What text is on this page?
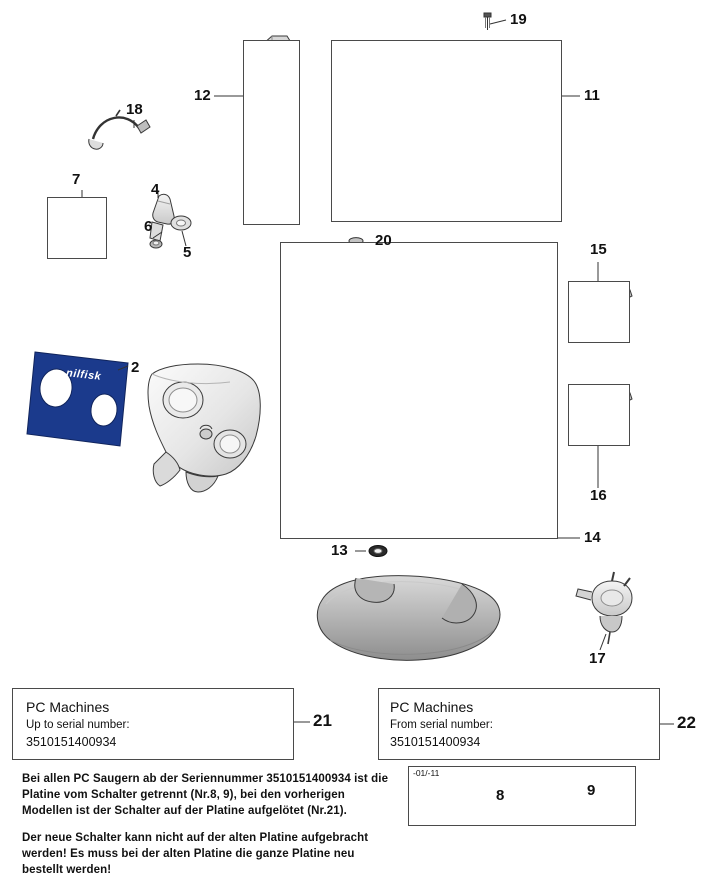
nilfisk
PC Machines
Up to serial number:
3510151400934
PC Machines
From serial number:
3510151400934
-01/-11
2
4
5
6
7
8	9
11
12
13
14
15
16
17
18
19
20
21	22
Bei allen PC Saugern ab der Seriennummer 3510151400934 ist die Platine vom Schalter getrennt (Nr.8, 9), bei den vorherigen Modellen ist der Schalter auf der Platine aufgelötet (Nr.21).
Der neue Schalter kann nicht auf der alten Platine aufgebracht werden! Es muss bei der alten Platine die ganze Platine neu bestellt werden!
